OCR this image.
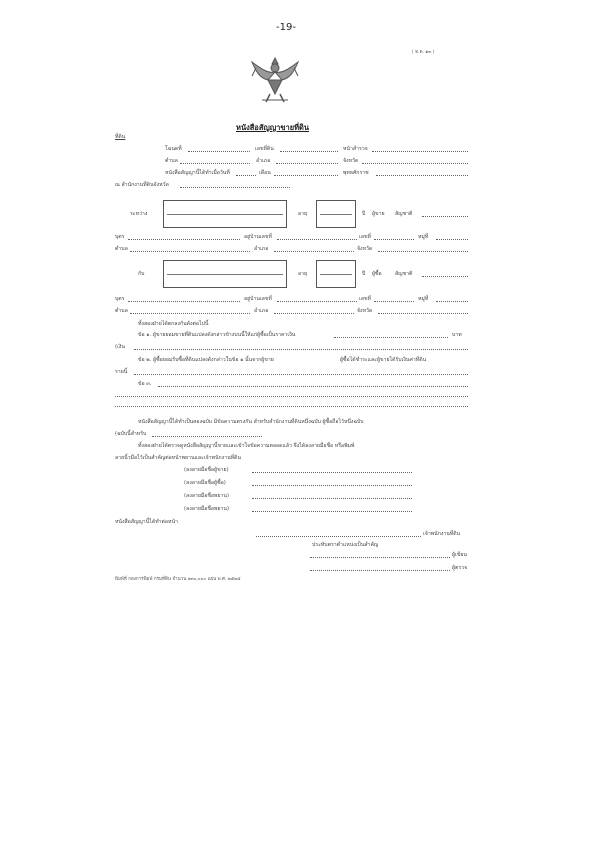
-19-
( ท.ด. ๑๓ )
หนังสือสัญญาขายที่ดิน
ที่ดิน
โฉนดที่	เลขที่ดิน	หน้าสำรวจ
ตำบล	อำเภอ	จังหวัด
หนังสือสัญญานี้ได้ทำเมื่อวันที่	เดือน	พุทธศักราช
ณ สำนักงานที่ดินจังหวัด
ระหว่าง	อายุ	ปี ผู้ขาย สัญชาติ
บุตร	อยู่บ้านเลขที่	เลขที่	หมู่ที่
ตำบล	อำเภอ	จังหวัด
กับ	อายุ	ปี ผู้ซื้อ	สัญชาติ
บุตร	อยู่บ้านเลขที่	เลขที่	หมู่ที่
ตำบล	อำเภอ	จังหวัด
ทั้งสองฝ่ายได้ตกลงกันดังต่อไปนี้
ข้อ ๑. ผู้ขายยอมขายที่ดินแปลงดังกล่าวข้างบนนี้ให้แก่ผู้ซื้อเป็นราคาเงิน	บาท
(เงิน
ข้อ ๒. ผู้ซื้อยอมรับซื้อที่ดินแปลงดังกล่าวในข้อ ๑ นั้นจากผู้ขาย	ผู้ซื้อได้ชำระและผู้ขายได้รับเงินค่าที่ดิน
รายนี้
ข้อ ๓.
หนังสือสัญญานี้ได้ทำเป็นสองฉบับ มีข้อความตรงกัน สำหรับสำนักงานที่ดินหนึ่งฉบับ ผู้ซื้อถือไว้หนึ่งฉบับ
(ฉบับนี้สำหรับ
ทั้งสองฝ่ายได้ตรวจดูหนังสือสัญญานี้ขายและเข้าใจข้อความตลอดแล้ว จึงได้ลงลายมือชื่อ หรือพิมพ์
ลายนิ้วมือไว้เป็นสำคัญต่อหน้าพยานและเจ้าพนักงานที่ดิน
(ลงลายมือชื่อผู้ขาย)
(ลงลายมือชื่อผู้ซื้อ)
(ลงลายมือชื่อพยาน)
(ลงลายมือชื่อพยาน)
หนังสือสัญญานี้ได้ทำต่อหน้า
เจ้าพนักงานที่ดิน
ประทับตราตำแหน่งเป็นสำคัญ
ผู้เขียน
ผู้ตรวจ
พิมพ์ที่ กองการพิมพ์ กรมที่ดิน จำนวน ๒๓๐,๐๐๐ แผ่น พ.ศ. ๒๕๒๕
